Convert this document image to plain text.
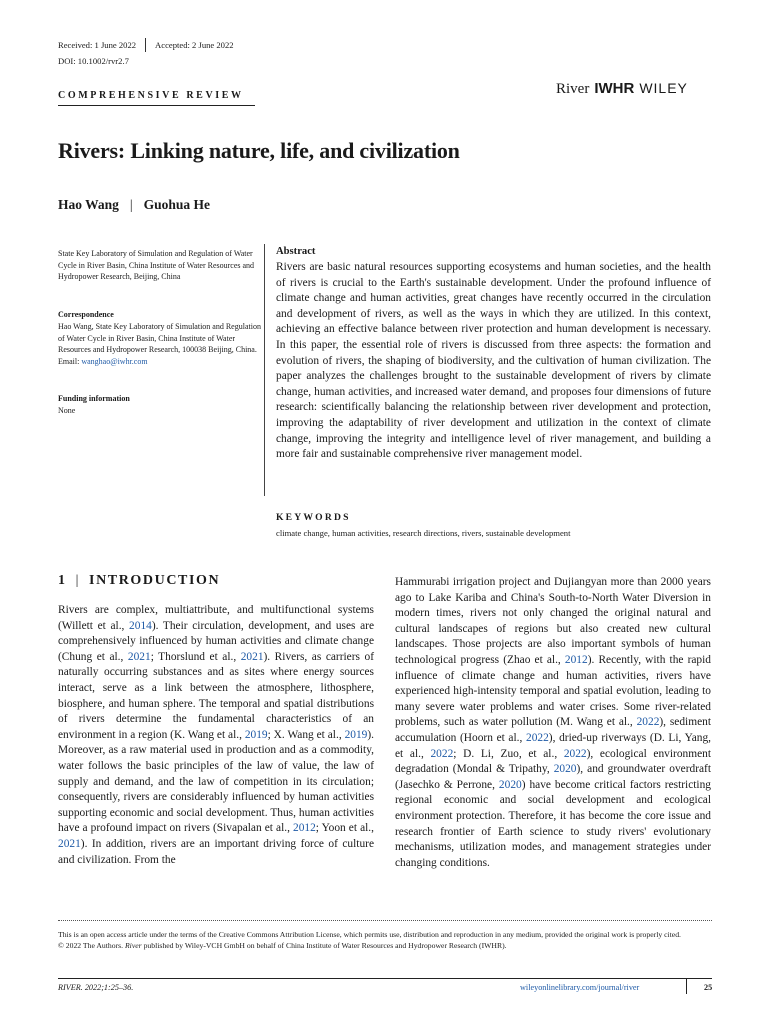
Received: 1 June 2022 Accepted: 2 June 2022
DOI: 10.1002/rvr2.7
COMPREHENSIVE REVIEW	River IWHR WILEY
Rivers: Linking nature, life, and civilization
Hao Wang | Guohua He
State Key Laboratory of Simulation and Regulation of Water Cycle in River Basin, China Institute of Water Resources and Hydropower Research, Beijing, China
Correspondence
Hao Wang, State Key Laboratory of Simulation and Regulation of Water Cycle in River Basin, China Institute of Water Resources and Hydropower Research, 100038 Beijing, China.
Email: wanghao@iwhr.com
Funding information
None
Abstract
Rivers are basic natural resources supporting ecosystems and human societies, and the health of rivers is crucial to the Earth's sustainable development. Under the profound influence of climate change and human activities, great changes have recently occurred in the circulation and development of rivers, as well as the ways in which they are utilized. In this context, achieving an effective balance between river protection and human development is necessary. In this paper, the essential role of rivers is discussed from three aspects: the formation and evolution of rivers, the shaping of biodiversity, and the cultivation of human civilization. The paper analyzes the challenges brought to the sustainable development of rivers by climate change, human activities, and increased water demand, and proposes four dimensions of future research: scientifically balancing the relationship between river development and protection, improving the adaptability of river development and utilization in the context of climate change, improving the integrity and intelligence level of river management, and building a more fair and sustainable comprehensive river management model.
KEYWORDS
climate change, human activities, research directions, rivers, sustainable development
1 | INTRODUCTION
Rivers are complex, multiattribute, and multifunctional systems (Willett et al., 2014). Their circulation, development, and uses are comprehensively influenced by human activities and climate change (Chung et al., 2021; Thorslund et al., 2021). Rivers, as carriers of naturally occurring substances and as sites where energy sources interact, serve as a link between the atmosphere, lithosphere, biosphere, and human sphere. The temporal and spatial distributions of rivers determine the fundamental characteristics of an environment in a region (K. Wang et al., 2019; X. Wang et al., 2019). Moreover, as a raw material used in production and as a commodity, water follows the basic principles of the law of value, the law of supply and demand, and the law of competition in its circulation; consequently, rivers are considerably influenced by human activities supporting economic and social development. Thus, human activities have a profound impact on rivers (Sivapalan et al., 2012; Yoon et al., 2021). In addition, rivers are an important driving force of culture and civilization. From the
Hammurabi irrigation project and Dujiangyan more than 2000 years ago to Lake Kariba and China's South-to-North Water Diversion in modern times, rivers not only changed the original natural and cultural landscapes of regions but also created new cultural landscapes. Those projects are also important symbols of human technological progress (Zhao et al., 2012). Recently, with the rapid influence of climate change and human activities, rivers have experienced high-intensity temporal and spatial evolution, leading to many severe water problems and water crises. Some river-related problems, such as water pollution (M. Wang et al., 2022), sediment accumulation (Hoorn et al., 2022), dried-up riverways (D. Li, Yang, et al., 2022; D. Li, Zuo, et al., 2022), ecological environment degradation (Mondal & Tripathy, 2020), and groundwater overdraft (Jasechko & Perrone, 2020) have become critical factors restricting regional economic and social development and ecological environment protection. Therefore, it has become the core issue and research frontier of Earth science to study rivers' evolutionary mechanisms, utilization modes, and management strategies under changing conditions.
This is an open access article under the terms of the Creative Commons Attribution License, which permits use, distribution and reproduction in any medium, provided the original work is properly cited.
© 2022 The Authors. River published by Wiley-VCH GmbH on behalf of China Institute of Water Resources and Hydropower Research (IWHR).
RIVER. 2022;1:25–36.	wileyonlinelibrary.com/journal/river	25
